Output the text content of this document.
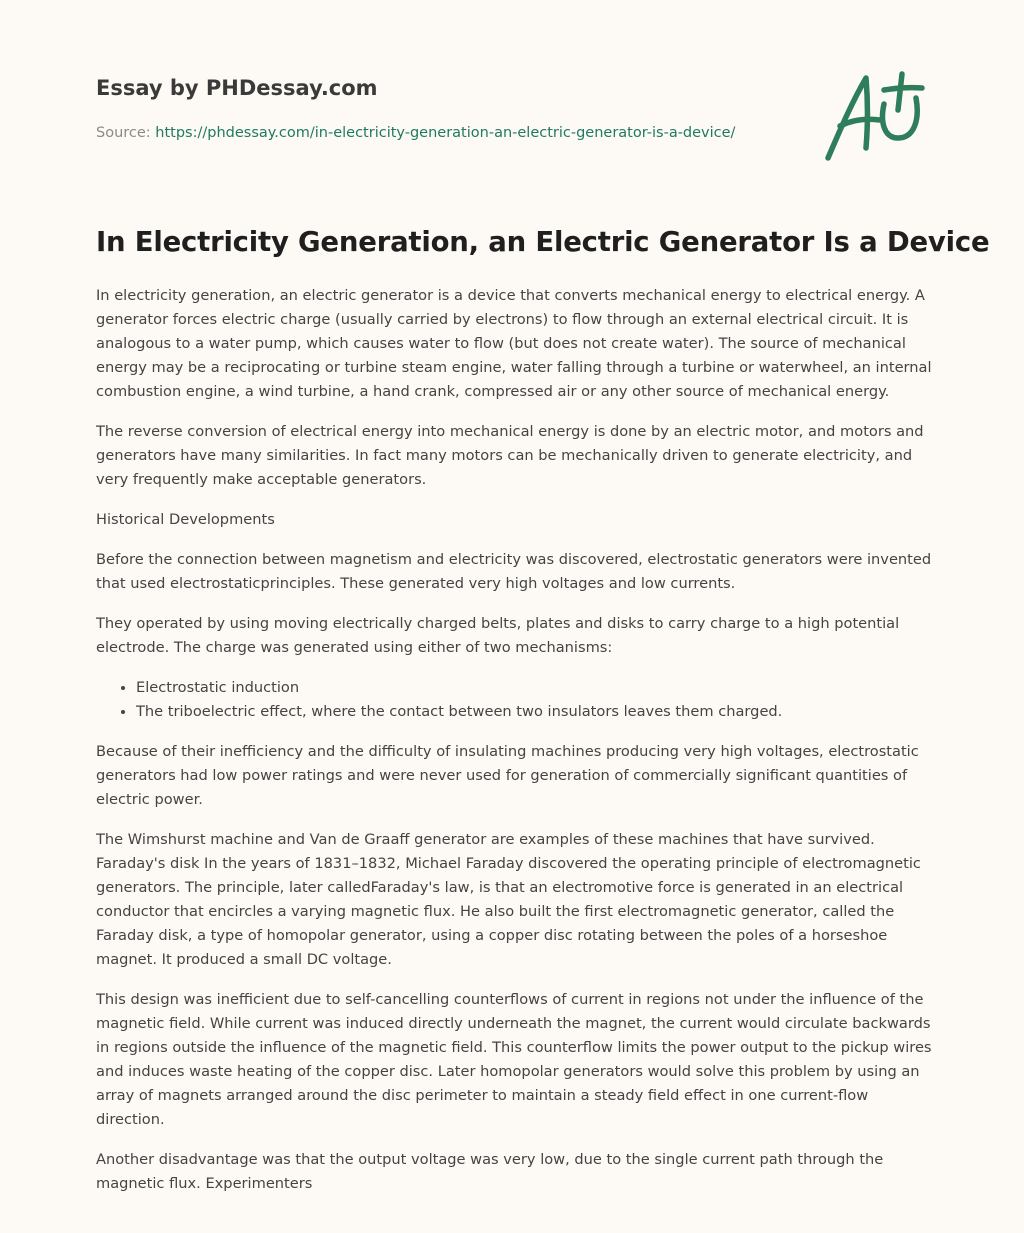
Essay by PHDessay.com
Source: https://phdessay.com/in-electricity-generation-an-electric-generator-is-a-device/
In Electricity Generation, an Electric Generator Is a Device

In electricity generation, an electric generator is a device that converts mechanical energy to electrical energy. A generator forces electric charge (usually carried by electrons) to flow through an external electrical circuit. It is analogous to a water pump, which causes water to flow (but does not create water). The source of mechanical energy may be a reciprocating or turbine steam engine, water falling through a turbine or waterwheel, an internal combustion engine, a wind turbine, a hand crank, compressed air or any other source of mechanical energy.

The reverse conversion of electrical energy into mechanical energy is done by an electric motor, and motors and generators have many similarities. In fact many motors can be mechanically driven to generate electricity, and very frequently make acceptable generators.

Historical Developments

Before the connection between magnetism and electricity was discovered, electrostatic generators were invented that used electrostaticprinciples. These generated very high voltages and low currents.

They operated by using moving electrically charged belts, plates and disks to carry charge to a high potential electrode. The charge was generated using either of two mechanisms:

• Electrostatic induction
• The triboelectric effect, where the contact between two insulators leaves them charged.

Because of their inefficiency and the difficulty of insulating machines producing very high voltages, electrostatic generators had low power ratings and were never used for generation of commercially significant quantities of electric power.

The Wimshurst machine and Van de Graaff generator are examples of these machines that have survived. Faraday's disk In the years of 1831–1832, Michael Faraday discovered the operating principle of electromagnetic generators. The principle, later calledFaraday's law, is that an electromotive force is generated in an electrical conductor that encircles a varying magnetic flux. He also built the first electromagnetic generator, called the Faraday disk, a type of homopolar generator, using a copper disc rotating between the poles of a horseshoe magnet. It produced a small DC voltage.

This design was inefficient due to self-cancelling counterflows of current in regions not under the influence of the magnetic field. While current was induced directly underneath the magnet, the current would circulate backwards in regions outside the influence of the magnetic field. This counterflow limits the power output to the pickup wires and induces waste heating of the copper disc. Later homopolar generators would solve this problem by using an array of magnets arranged around the disc perimeter to maintain a steady field effect in one current-flow direction.

Another disadvantage was that the output voltage was very low, due to the single current path through the magnetic flux. Experimenters
